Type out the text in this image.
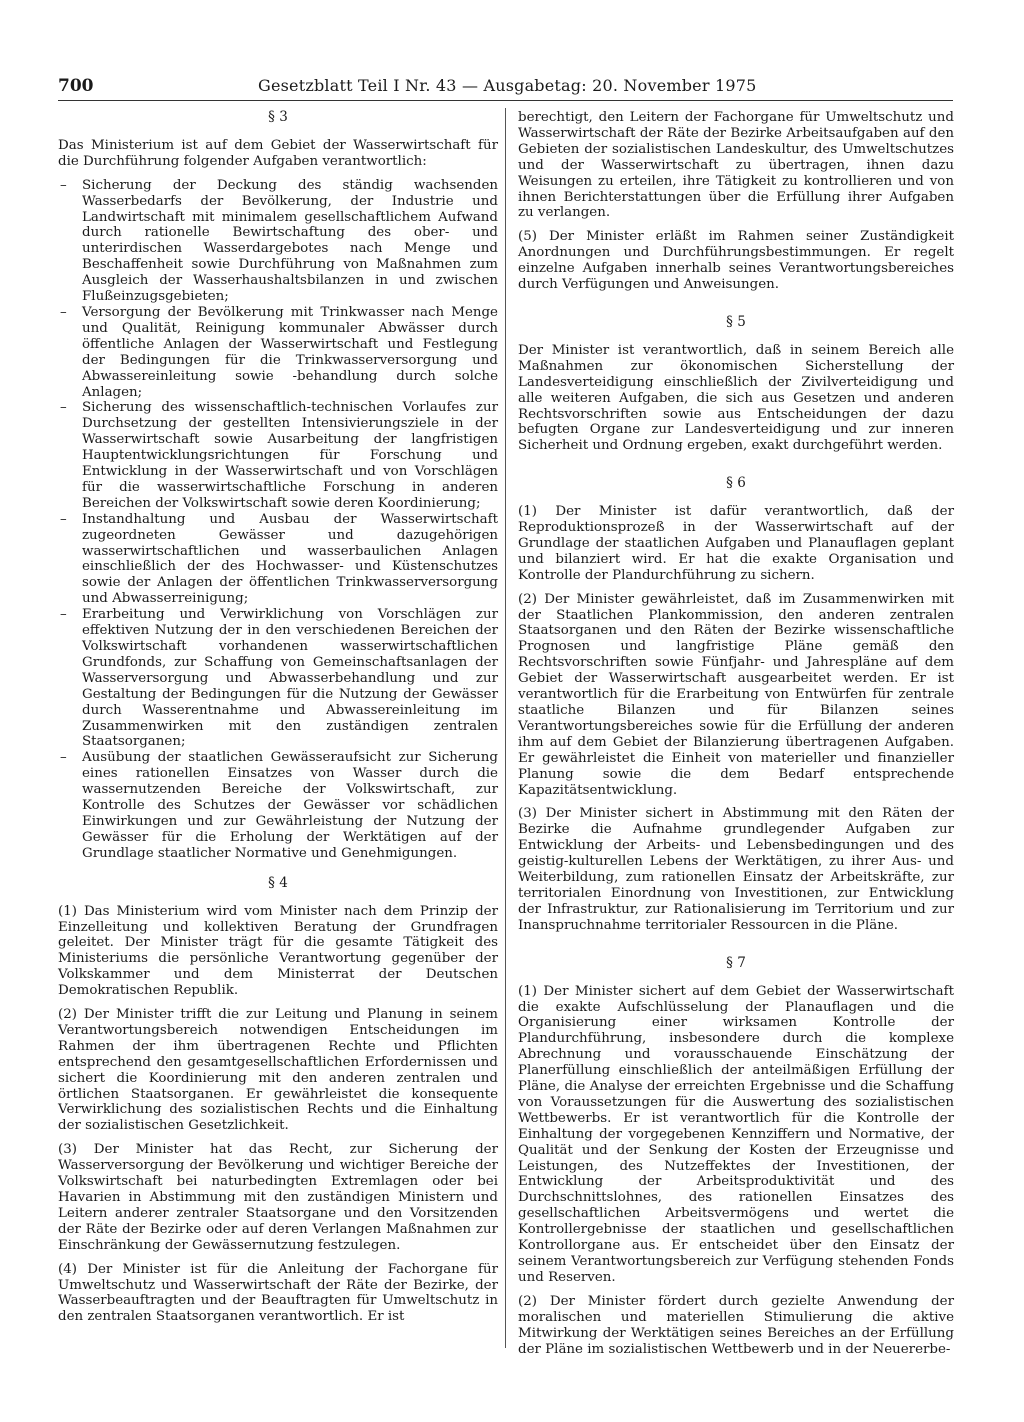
700	Gesetzblatt Teil I Nr. 43 — Ausgabetag: 20. November 1975
§ 3

Das Ministerium ist auf dem Gebiet der Wasserwirtschaft für die Durchführung folgender Aufgaben verantwortlich:

– Sicherung der Deckung des ständig wachsenden Wasserbedarfs der Bevölkerung, der Industrie und Landwirtschaft mit minimalem gesellschaftlichem Aufwand durch rationelle Bewirtschaftung des ober- und unterirdischen Wasserdargebotes nach Menge und Beschaffenheit sowie Durchführung von Maßnahmen zum Ausgleich der Wasserhaushaltsbilanzen in und zwischen Flußeinzugsgebieten;
– Versorgung der Bevölkerung mit Trinkwasser nach Menge und Qualität, Reinigung kommunaler Abwässer durch öffentliche Anlagen der Wasserwirtschaft und Festlegung der Bedingungen für die Trinkwasserversorgung und Abwassereinleitung sowie -behandlung durch solche Anlagen;
– Sicherung des wissenschaftlich-technischen Vorlaufes zur Durchsetzung der gestellten Intensivierungsziele in der Wasserwirtschaft sowie Ausarbeitung der langfristigen Hauptentwicklungsrichtungen für Forschung und Entwicklung in der Wasserwirtschaft und von Vorschlägen für die wasserwirtschaftliche Forschung in anderen Bereichen der Volkswirtschaft sowie deren Koordinierung;
– Instandhaltung und Ausbau der Wasserwirtschaft zugeordneten Gewässer und dazugehörigen wasserwirtschaftlichen und wasserbaulichen Anlagen einschließlich der des Hochwasser- und Küstenschutzes sowie der Anlagen der öffentlichen Trinkwasserversorgung und Abwasserreinigung;
– Erarbeitung und Verwirklichung von Vorschlägen zur effektiven Nutzung der in den verschiedenen Bereichen der Volkswirtschaft vorhandenen wasserwirtschaftlichen Grundfonds, zur Schaffung von Gemeinschaftsanlagen der Wasserversorgung und Abwasserbehandlung und zur Gestaltung der Bedingungen für die Nutzung der Gewässer durch Wasserentnahme und Abwassereinleitung im Zusammenwirken mit den zuständigen zentralen Staatsorganen;
– Ausübung der staatlichen Gewässeraufsicht zur Sicherung eines rationellen Einsatzes von Wasser durch die wassernutzenden Bereiche der Volkswirtschaft, zur Kontrolle des Schutzes der Gewässer vor schädlichen Einwirkungen und zur Gewährleistung der Nutzung der Gewässer für die Erholung der Werktätigen auf der Grundlage staatlicher Normative und Genehmigungen.
§ 4

(1) Das Ministerium wird vom Minister nach dem Prinzip der Einzelleitung und kollektiven Beratung der Grundfragen geleitet. Der Minister trägt für die gesamte Tätigkeit des Ministeriums die persönliche Verantwortung gegenüber der Volkskammer und dem Ministerrat der Deutschen Demokratischen Republik.

(2) Der Minister trifft die zur Leitung und Planung in seinem Verantwortungsbereich notwendigen Entscheidungen im Rahmen der ihm übertragenen Rechte und Pflichten entsprechend den gesamtgesellschaftlichen Erfordernissen und sichert die Koordinierung mit den anderen zentralen und örtlichen Staatsorganen. Er gewährleistet die konsequente Verwirklichung des sozialistischen Rechts und die Einhaltung der sozialistischen Gesetzlichkeit.

(3) Der Minister hat das Recht, zur Sicherung der Wasserversorgung der Bevölkerung und wichtiger Bereiche der Volkswirtschaft bei naturbedingten Extremlagen oder bei Havarien in Abstimmung mit den zuständigen Ministern und Leitern anderer zentraler Staatsorgane und den Vorsitzenden der Räte der Bezirke oder auf deren Verlangen Maßnahmen zur Einschränkung der Gewässernutzung festzulegen.

(4) Der Minister ist für die Anleitung der Fachorgane für Umweltschutz und Wasserwirtschaft der Räte der Bezirke, der Wasserbeauftragten und der Beauftragten für Umweltschutz in den zentralen Staatsorganen verantwortlich. Er ist

berechtigt, den Leitern der Fachorgane für Umweltschutz und Wasserwirtschaft der Räte der Bezirke Arbeitsaufgaben auf den Gebieten der sozialistischen Landeskultur, des Umweltschutzes und der Wasserwirtschaft zu übertragen, ihnen dazu Weisungen zu erteilen, ihre Tätigkeit zu kontrollieren und von ihnen Berichterstattungen über die Erfüllung ihrer Aufgaben zu verlangen.

(5) Der Minister erläßt im Rahmen seiner Zuständigkeit Anordnungen und Durchführungsbestimmungen. Er regelt einzelne Aufgaben innerhalb seines Verantwortungsbereiches durch Verfügungen und Anweisungen.

§ 5

Der Minister ist verantwortlich, daß in seinem Bereich alle Maßnahmen zur ökonomischen Sicherstellung der Landesverteidigung einschließlich der Zivilverteidigung und alle weiteren Aufgaben, die sich aus Gesetzen und anderen Rechtsvorschriften sowie aus Entscheidungen der dazu befugten Organe zur Landesverteidigung und zur inneren Sicherheit und Ordnung ergeben, exakt durchgeführt werden.

§ 6

(1) Der Minister ist dafür verantwortlich, daß der Reproduktionsprozeß in der Wasserwirtschaft auf der Grundlage der staatlichen Aufgaben und Planauflagen geplant und bilanziert wird. Er hat die exakte Organisation und Kontrolle der Plandurchführung zu sichern.

(2) Der Minister gewährleistet, daß im Zusammenwirken mit der Staatlichen Plankommission, den anderen zentralen Staatsorganen und den Räten der Bezirke wissenschaftliche Prognosen und langfristige Pläne gemäß den Rechtsvorschriften sowie Fünfjahr- und Jahrespläne auf dem Gebiet der Wasserwirtschaft ausgearbeitet werden. Er ist verantwortlich für die Erarbeitung von Entwürfen für zentrale staatliche Bilanzen und für Bilanzen seines Verantwortungsbereiches sowie für die Erfüllung der anderen ihm auf dem Gebiet der Bilanzierung übertragenen Aufgaben. Er gewährleistet die Einheit von materieller und finanzieller Planung sowie die dem Bedarf entsprechende Kapazitätsentwicklung.

(3) Der Minister sichert in Abstimmung mit den Räten der Bezirke die Aufnahme grundlegender Aufgaben zur Entwicklung der Arbeits- und Lebensbedingungen und des geistig-kulturellen Lebens der Werktätigen, zu ihrer Aus- und Weiterbildung, zum rationellen Einsatz der Arbeitskräfte, zur territorialen Einordnung von Investitionen, zur Entwicklung der Infrastruktur, zur Rationalisierung im Territorium und zur Inanspruchnahme territorialer Ressourcen in die Pläne.

§ 7

(1) Der Minister sichert auf dem Gebiet der Wasserwirtschaft die exakte Aufschlüsselung der Planauflagen und die Organisierung einer wirksamen Kontrolle der Plandurchführung, insbesondere durch die komplexe Abrechnung und vorausschauende Einschätzung der Planerfüllung einschließlich der anteilmäßigen Erfüllung der Pläne, die Analyse der erreichten Ergebnisse und die Schaffung von Voraussetzungen für die Auswertung des sozialistischen Wettbewerbs. Er ist verantwortlich für die Kontrolle der Einhaltung der vorgegebenen Kennziffern und Normative, der Qualität und der Senkung der Kosten der Erzeugnisse und Leistungen, des Nutzeffektes der Investitionen, der Entwicklung der Arbeitsproduktivität und des Durchschnittslohnes, des rationellen Einsatzes des gesellschaftlichen Arbeitsvermögens und wertet die Kontrollergebnisse der staatlichen und gesellschaftlichen Kontrollorgane aus. Er entscheidet über den Einsatz der seinem Verantwortungsbereich zur Verfügung stehenden Fonds und Reserven.

(2) Der Minister fördert durch gezielte Anwendung der moralischen und materiellen Stimulierung die aktive Mitwirkung der Werktätigen seines Bereiches an der Erfüllung der Pläne im sozialistischen Wettbewerb und in der Neuererbe-
